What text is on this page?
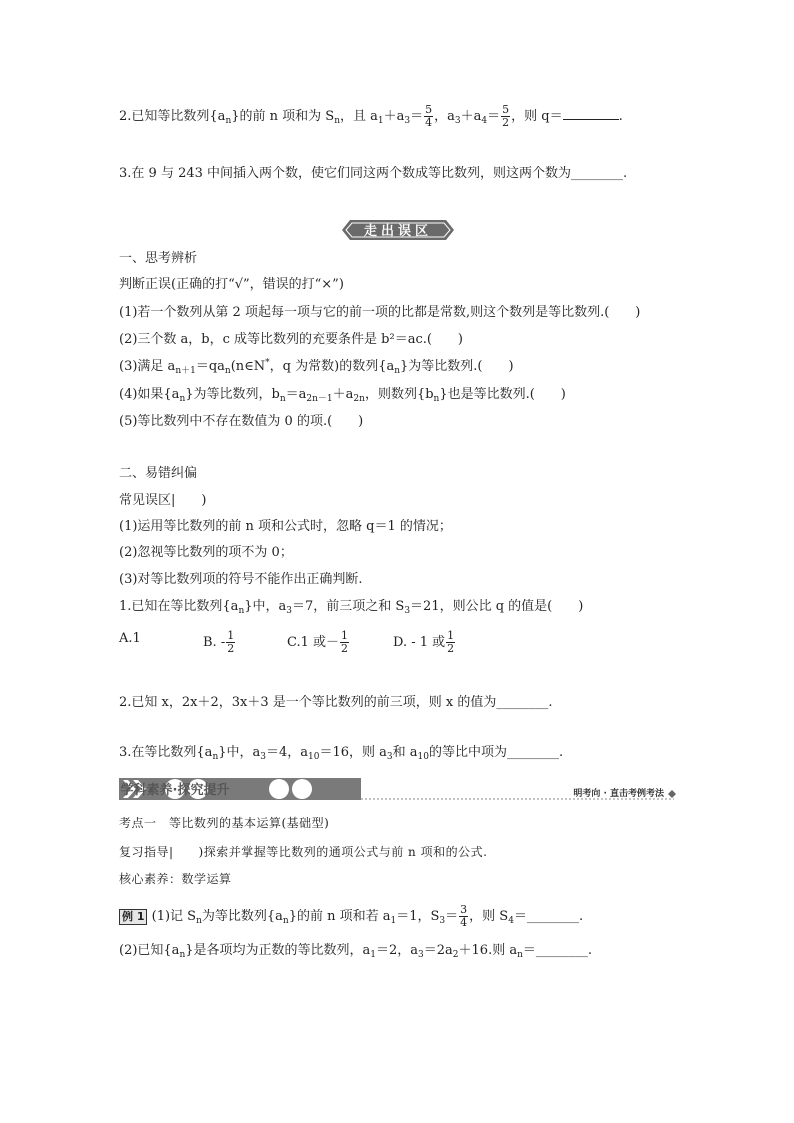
2.已知等比数列$\{a_n\}$的前 n 项和为 $S_n$，且 $a_1+a_3= \frac{5}{4}$ ，$a_3+a_4= \frac{5}{2}$ ，则 q＝	.
3.在 9 与 243 中间插入两个数，使它们同这两个数成等比数列，则这两个数为________.
走出误区
一、思考辨析
判断正误(正确的打“√”，错误的打“×”)
(1)若一个数列从第 2 项起每一项与它的前一项的比都是常数,则这个数列是等比数列.(　　)
(2)三个数 a，b，c 成等比数列的充要条件是 b²＝ac.(　　)
(3)满足 $a_{n+1}=qa_n(n\in N^*$，q 为常数)的数列$\{a_n\}$为等比数列.(　　)
(4)如果$\{a_n\}$为等比数列，$b_n=a_{2n-1}+a_{2n}$，则数列$\{b_n\}$也是等比数列.(　　)
(5)等比数列中不存在数值为 0 的项.(　　)
二、易错纠偏
常见误区|　　)
(1)运用等比数列的前 n 项和公式时，忽略 q＝1 的情况；
(2)忽视等比数列的项不为 0；
(3)对等比数列项的符号不能作出正确判断.
1.已知在等比数列$\{a_n\}$中，$a_3=7$，前三项之和 $S_3=21$，则公比 q 的值是(　　)
A.1	B. - $\frac{1}{2}$	C.1 或－ $\frac{1}{2}$	D. - 1 或 $\frac{1}{2}$
2.已知 x，2x＋2，3x＋3 是一个等比数列的前三项，则 x 的值为________.
3.在等比数列$\{a_n\}$中，$a_3=4$，$a_{10}=16$，则 $a_3$和 $a_{10}$的等比中项为________.
学科素养·探究提升	明考向 · 直击考例考法
考点一　等比数列的基本运算(基础型)
复习指导|　　)探索并掌握等比数列的通项公式与前 n 项和的公式.
核心素养：数学运算
例 1 (1)记 $S_n$为等比数列$\{a_n\}$的前 n 项和若 $a_1=1$，$S_3= \frac{3}{4}$ ，则 $S_4=\_\_\_\_\_\_\_\_$.
(2)已知$\{a_n\}$是各项均为正数的等比数列，$a_1=2$，$a_3=2a_2+16$.则 $a_n=\_\_\_\_\_\_\_\_$.
